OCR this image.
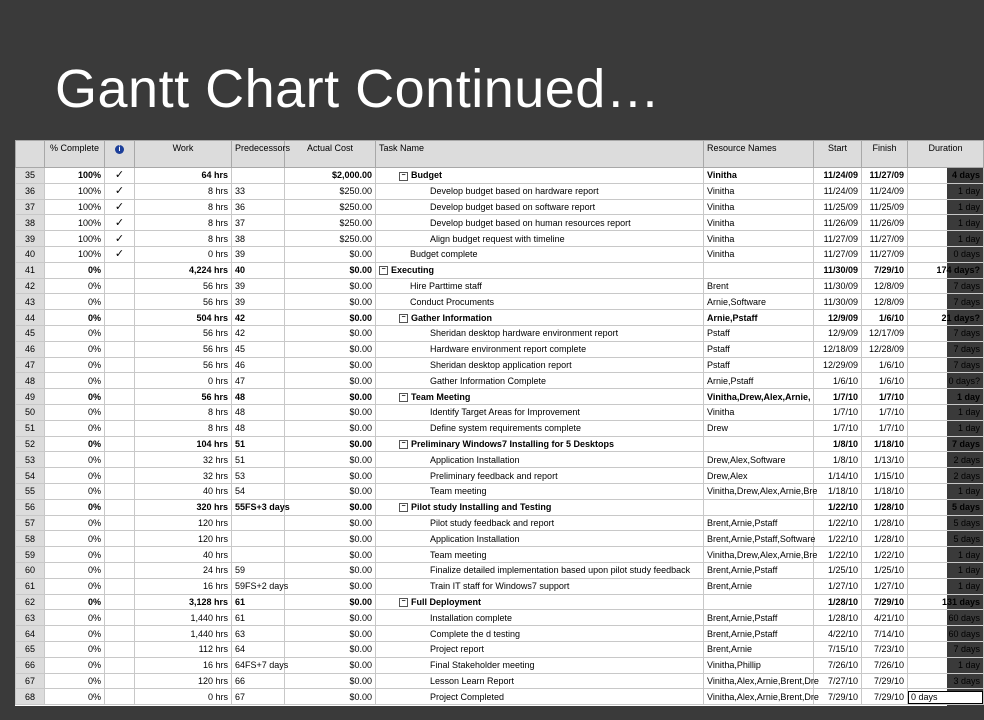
Gantt Chart Continued…
	% Complete	i	Work	Predecessors	Actual Cost	Task Name	Resource Names	Start	Finish	Duration
35	100%	✓	64 hrs		$2,000.00	− Budget	Vinitha	11/24/09	11/27/09	4 days
36	100%	✓	8 hrs	33	$250.00	Develop budget based on hardware report	Vinitha	11/24/09	11/24/09	1 day
37	100%	✓	8 hrs	36	$250.00	Develop budget based on software report	Vinitha	11/25/09	11/25/09	1 day
38	100%	✓	8 hrs	37	$250.00	Develop budget based on human resources report	Vinitha	11/26/09	11/26/09	1 day
39	100%	✓	8 hrs	38	$250.00	Align budget request with timeline	Vinitha	11/27/09	11/27/09	1 day
40	100%	✓	0 hrs	39	$0.00	Budget complete	Vinitha	11/27/09	11/27/09	0 days
41	0%		4,224 hrs	40	$0.00	− Executing		11/30/09	7/29/10	174 days?
42	0%		56 hrs	39	$0.00	Hire Parttime staff	Brent	11/30/09	12/8/09	7 days
43	0%		56 hrs	39	$0.00	Conduct Procuments	Arnie,Software	11/30/09	12/8/09	7 days
44	0%		504 hrs	42	$0.00	− Gather Information	Arnie,Pstaff	12/9/09	1/6/10	21 days?
45	0%		56 hrs	42	$0.00	Sheridan desktop hardware environment report	Pstaff	12/9/09	12/17/09	7 days
46	0%		56 hrs	45	$0.00	Hardware environment report complete	Pstaff	12/18/09	12/28/09	7 days
47	0%		56 hrs	46	$0.00	Sheridan desktop application report	Pstaff	12/29/09	1/6/10	7 days
48	0%		0 hrs	47	$0.00	Gather Information Complete	Arnie,Pstaff	1/6/10	1/6/10	0 days?
49	0%		56 hrs	48	$0.00	− Team Meeting	Vinitha,Drew,Alex,Arnie,	1/7/10	1/7/10	1 day
50	0%		8 hrs	48	$0.00	Identify Target Areas for Improvement	Vinitha	1/7/10	1/7/10	1 day
51	0%		8 hrs	48	$0.00	Define system requirements complete	Drew	1/7/10	1/7/10	1 day
52	0%		104 hrs	51	$0.00	− Preliminary Windows7 Installing for 5 Desktops		1/8/10	1/18/10	7 days
53	0%		32 hrs	51	$0.00	Application Installation	Drew,Alex,Software	1/8/10	1/13/10	2 days
54	0%		32 hrs	53	$0.00	Preliminary feedback and report	Drew,Alex	1/14/10	1/15/10	2 days
55	0%		40 hrs	54	$0.00	Team meeting	Vinitha,Drew,Alex,Arnie,Bre	1/18/10	1/18/10	1 day
56	0%		320 hrs	55FS+3 days	$0.00	− Pilot study Installing and Testing		1/22/10	1/28/10	5 days
57	0%		120 hrs		$0.00	Pilot study feedback and report	Brent,Arnie,Pstaff	1/22/10	1/28/10	5 days
58	0%		120 hrs		$0.00	Application Installation	Brent,Arnie,Pstaff,Software	1/22/10	1/28/10	5 days
59	0%		40 hrs		$0.00	Team meeting	Vinitha,Drew,Alex,Arnie,Bre	1/22/10	1/22/10	1 day
60	0%		24 hrs	59	$0.00	Finalize detailed implementation based upon pilot study feedback	Brent,Arnie,Pstaff	1/25/10	1/25/10	1 day
61	0%		16 hrs	59FS+2 days	$0.00	Train IT staff for Windows7 support	Brent,Arnie	1/27/10	1/27/10	1 day
62	0%		3,128 hrs	61	$0.00	− Full Deployment		1/28/10	7/29/10	131 days
63	0%		1,440 hrs	61	$0.00	Installation complete	Brent,Arnie,Pstaff	1/28/10	4/21/10	60 days
64	0%		1,440 hrs	63	$0.00	Complete the d testing	Brent,Arnie,Pstaff	4/22/10	7/14/10	60 days
65	0%		112 hrs	64	$0.00	Project report	Brent,Arnie	7/15/10	7/23/10	7 days
66	0%		16 hrs	64FS+7 days	$0.00	Final Stakeholder meeting	Vinitha,Phillip	7/26/10	7/26/10	1 day
67	0%		120 hrs	66	$0.00	Lesson Learn Report	Vinitha,Alex,Arnie,Brent,Dre	7/27/10	7/29/10	3 days
68	0%		0 hrs	67	$0.00	Project Completed	Vinitha,Alex,Arnie,Brent,Dre	7/29/10	7/29/10	0 days
